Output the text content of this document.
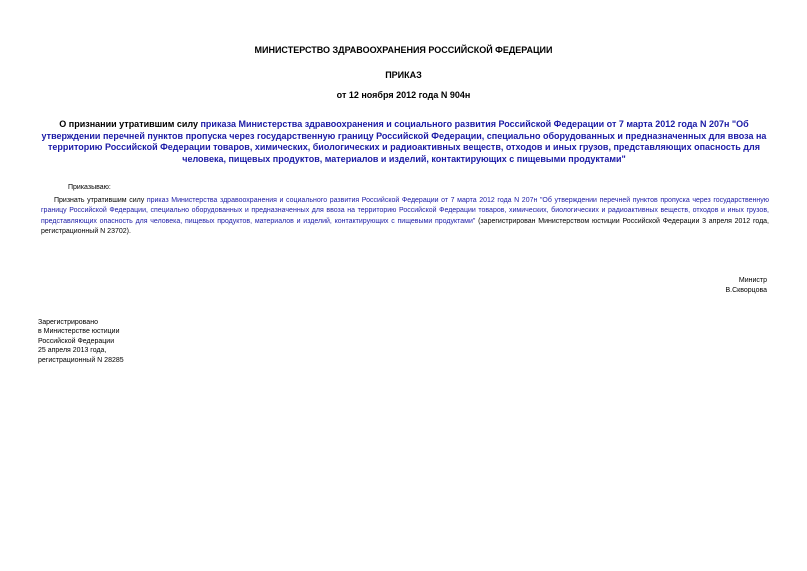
МИНИСТЕРСТВО ЗДРАВООХРАНЕНИЯ РОССИЙСКОЙ ФЕДЕРАЦИИ
ПРИКАЗ
от 12 ноября 2012 года N 904н
О признании утратившим силу приказа Министерства здравоохранения и социального развития Российской Федерации от 7 марта 2012 года N 207н "Об утверждении перечней пунктов пропуска через государственную границу Российской Федерации, специально оборудованных и предназначенных для ввоза на территорию Российской Федерации товаров, химических, биологических и радиоактивных веществ, отходов и иных грузов, представляющих опасность для человека, пищевых продуктов, материалов и изделий, контактирующих с пищевыми продуктами"
Приказываю:
Признать утратившим силу приказ Министерства здравоохранения и социального развития Российской Федерации от 7 марта 2012 года N 207н "Об утверждении перечней пунктов пропуска через государственную границу Российской Федерации, специально оборудованных и предназначенных для ввоза на территорию Российской Федерации товаров, химических, биологических и радиоактивных веществ, отходов и иных грузов, представляющих опасность для человека, пищевых продуктов, материалов и изделий, контактирующих с пищевыми продуктами" (зарегистрирован Министерством юстиции Российской Федерации 3 апреля 2012 года, регистрационный N 23702).
Министр
В.Скворцова
Зарегистрировано
в Министерстве юстиции
Российской Федерации
25 апреля 2013 года,
регистрационный N 28285
